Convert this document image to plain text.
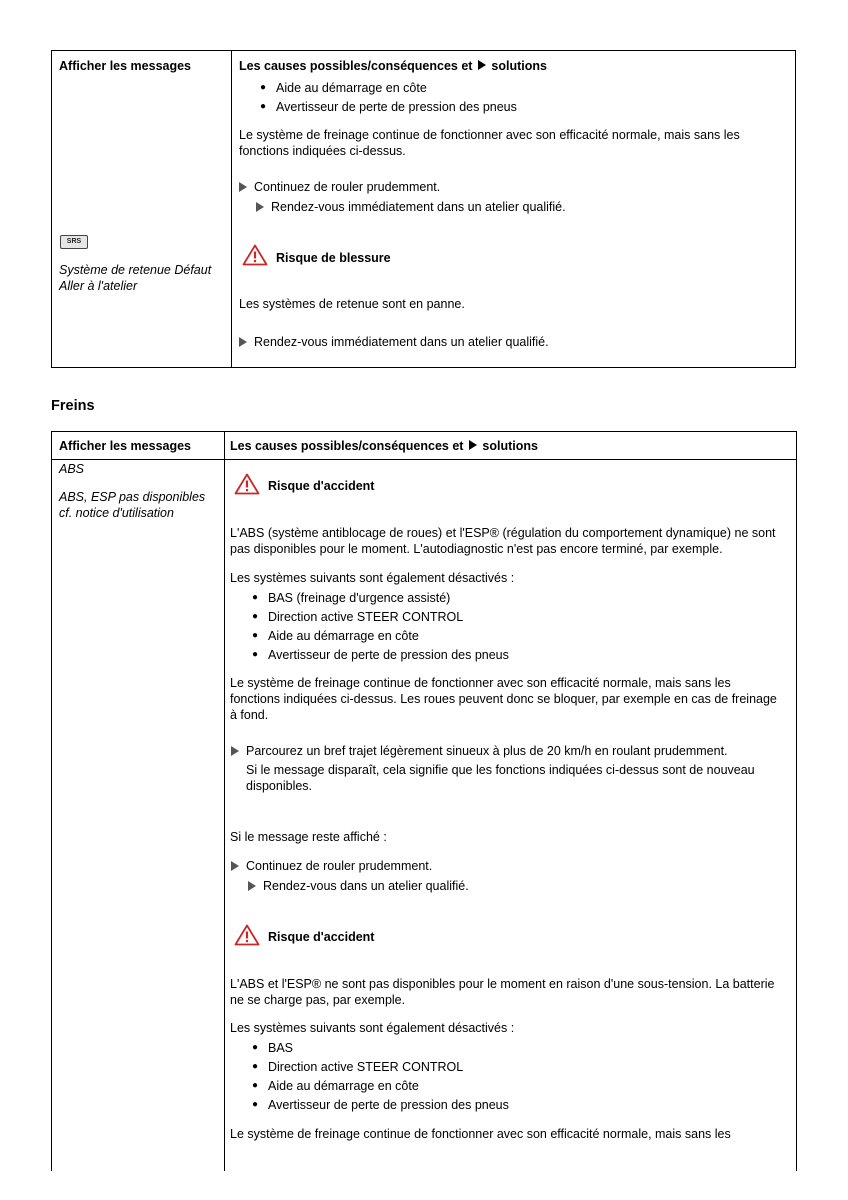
Afficher les messages
SRS
Système de retenue Défaut
Aller à l'atelier
Les causes possibles/conséquences et solutions
● Aide au démarrage en côte
● Avertisseur de perte de pression des pneus
Le système de freinage continue de fonctionner avec son efficacité normale, mais sans les
fonctions indiquées ci-dessus.
Continuez de rouler prudemment.
Rendez-vous immédiatement dans un atelier qualifié.
Risque de blessure
Les systèmes de retenue sont en panne.
Rendez-vous immédiatement dans un atelier qualifié.
Freins
Afficher les messages
ABS
ABS, ESP pas disponibles
cf. notice d'utilisation
Les causes possibles/conséquences et solutions
Risque d'accident
L'ABS (système antiblocage de roues) et l'ESP® (régulation du comportement dynamique) ne sont
pas disponibles pour le moment. L'autodiagnostic n'est pas encore terminé, par exemple.
Les systèmes suivants sont également désactivés :
● BAS (freinage d'urgence assisté)
● Direction active STEER CONTROL
● Aide au démarrage en côte
● Avertisseur de perte de pression des pneus
Le système de freinage continue de fonctionner avec son efficacité normale, mais sans les
fonctions indiquées ci-dessus. Les roues peuvent donc se bloquer, par exemple en cas de freinage
à fond.
Parcourez un bref trajet légèrement sinueux à plus de 20 km/h en roulant prudemment.
Si le message disparaît, cela signifie que les fonctions indiquées ci-dessus sont de nouveau
disponibles.
Si le message reste affiché :
Continuez de rouler prudemment.
Rendez-vous dans un atelier qualifié.
Risque d'accident
L'ABS et l'ESP® ne sont pas disponibles pour le moment en raison d'une sous-tension. La batterie
ne se charge pas, par exemple.
Les systèmes suivants sont également désactivés :
● BAS
● Direction active STEER CONTROL
● Aide au démarrage en côte
● Avertisseur de perte de pression des pneus
Le système de freinage continue de fonctionner avec son efficacité normale, mais sans les
